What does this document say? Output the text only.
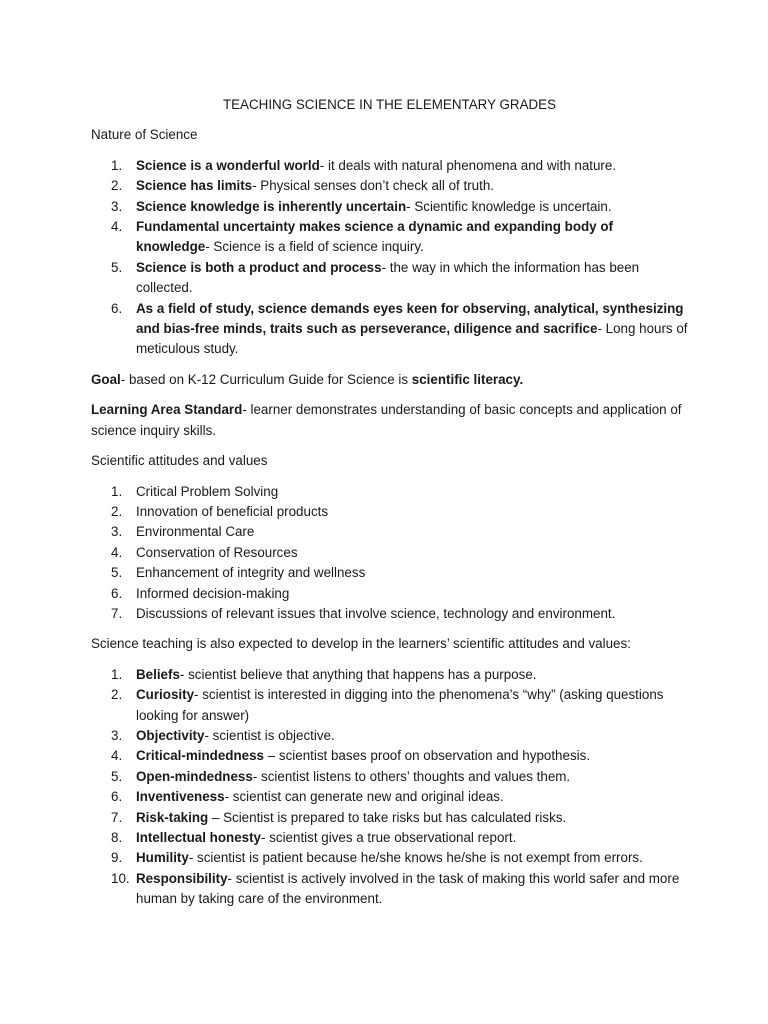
TEACHING SCIENCE IN THE ELEMENTARY GRADES
Nature of Science
1. Science is a wonderful world- it deals with natural phenomena and with nature.
2. Science has limits- Physical senses don’t check all of truth.
3. Science knowledge is inherently uncertain- Scientific knowledge is uncertain.
4. Fundamental uncertainty makes science a dynamic and expanding body of knowledge- Science is a field of science inquiry.
5. Science is both a product and process- the way in which the information has been collected.
6. As a field of study, science demands eyes keen for observing, analytical, synthesizing and bias-free minds, traits such as perseverance, diligence and sacrifice- Long hours of meticulous study.

Goal- based on K-12 Curriculum Guide for Science is scientific literacy.

Learning Area Standard- learner demonstrates understanding of basic concepts and application of science inquiry skills.

Scientific attitudes and values
1. Critical Problem Solving
2. Innovation of beneficial products
3. Environmental Care
4. Conservation of Resources
5. Enhancement of integrity and wellness
6. Informed decision-making
7. Discussions of relevant issues that involve science, technology and environment.
Science teaching is also expected to develop in the learners’ scientific attitudes and values:
1. Beliefs- scientist believe that anything that happens has a purpose.
2. Curiosity- scientist is interested in digging into the phenomena’s “why” (asking questions looking for answer)
3. Objectivity- scientist is objective.
4. Critical-mindedness – scientist bases proof on observation and hypothesis.
5. Open-mindedness- scientist listens to others’ thoughts and values them.
6. Inventiveness- scientist can generate new and original ideas.
7. Risk-taking – Scientist is prepared to take risks but has calculated risks.
8. Intellectual honesty- scientist gives a true observational report.
9. Humility- scientist is patient because he/she knows he/she is not exempt from errors.
10. Responsibility- scientist is actively involved in the task of making this world safer and more human by taking care of the environment.
